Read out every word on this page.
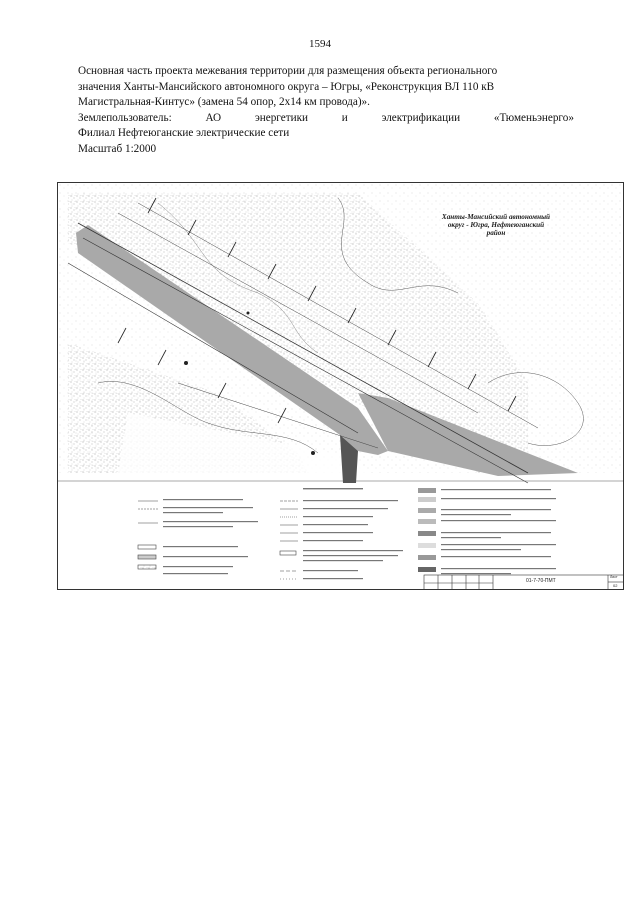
1594
Основная часть проекта межевания территории для размещения объекта регионального
значения Ханты-Мансийского автономного округа – Югры, «Реконструкция ВЛ 110 кВ
Магистральная-Кинтус» (замена 54 опор, 2х14 км провода)».
Землепользователь:	АО	энергетики	и	электрификации	«Тюменьэнерго»
Филиал Нефтеюганские электрические сети
Масштаб 1:2000
Ханты-Мансийский автономный
округ - Югра, Нефтеюганский
район
01-7-70-ПМТ
Лист
02
